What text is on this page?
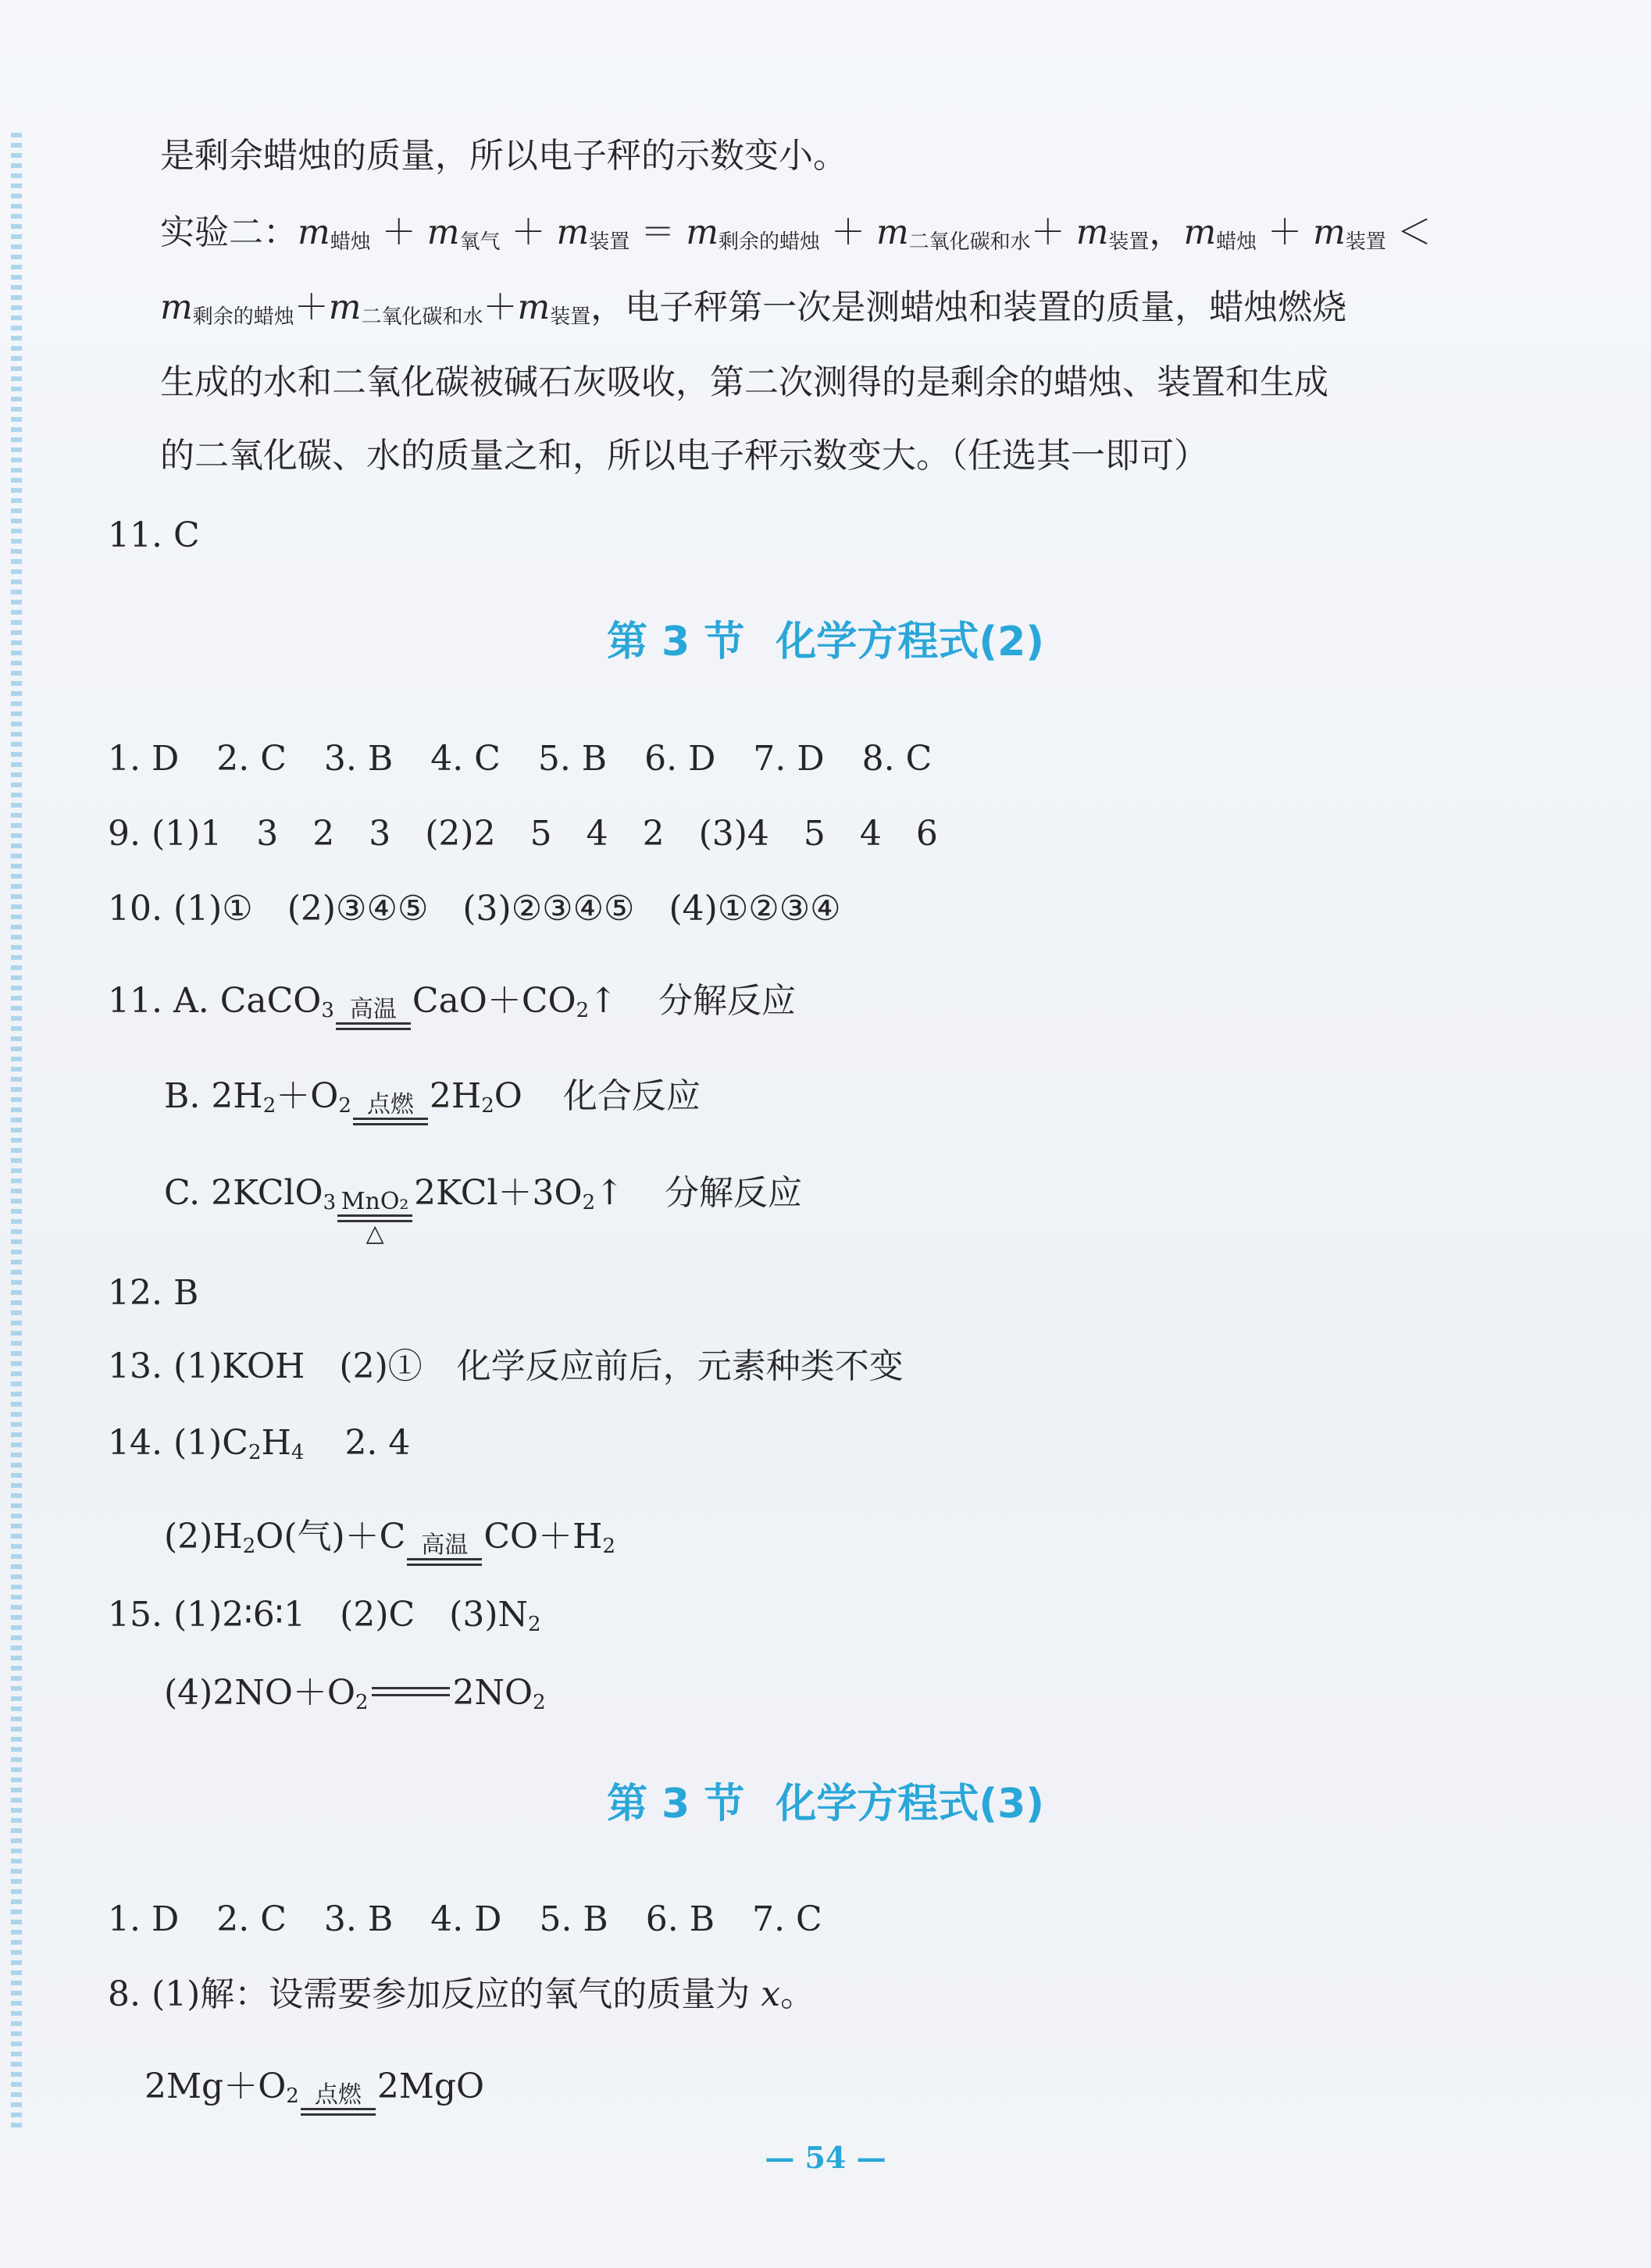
是剩余蜡烛的质量，所以电子秤的示数变小。
实验二：$m_{蜡烛} + m_{氧气} + m_{装置} = m_{剩余的蜡烛} + m_{二氧化碳和水}+ m_{装置}$，$m_{蜡烛} + m_{装置}$ ＜
$m_{剩余的蜡烛}+m_{二氧化碳和水}+m_{装置}$，电子秤第一次是测蜡烛和装置的质量，蜡烛燃烧
生成的水和二氧化碳被碱石灰吸收，第二次测得的是剩余的蜡烛、装置和生成
的二氧化碳、水的质量之和，所以电子秤示数变大。（任选其一即可）
11. C
第 3 节 化学方程式(2)
1. D 2. C 3. B 4. C 5. B 6. D 7. D 8. C
9. (1)1　3　2　3　(2)2　5　4　2　(3)4　5　4　6
10. (1)①　(2)③④⑤　(3)②③④⑤　(4)①②③④
11. A. CaCO$_3$ 高温 $CaO+CO_2↑$ 分解反应
B. $2H_2+O_2$ 点燃 $2H_2O$ 化合反应
C. 2KClO$_3$ MnO₂
△
$2KCl+3O_2↑$ 分解反应
12. B
13. (1)KOH　(2)①　化学反应前后，元素种类不变
14. $(1)C_2H_4$ 2. 4
$(2)H_2O$(气)＋C 高温 $CO+H_2$
15. (1)2∶6∶1　(2)C　$(3)N_2$
$(4)2NO+O_2$ $2NO_2$
第 3 节 化学方程式(3)
1. D 2. C 3. B 4. D 5. B 6. B 7. C
8. (1)解：设需要参加反应的氧气的质量为 x。
$2Mg+O_2$ 点燃 2MgO
— 54 —
